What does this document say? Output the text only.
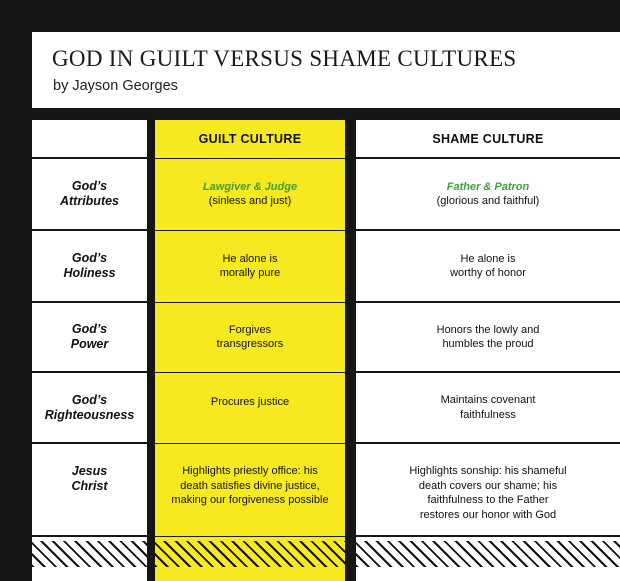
GOD IN GUILT VERSUS SHAME CULTURES
by Jayson Georges
GUILT CULTURE	SHAME CULTURE
God’s
Attributes
Lawgiver & Judge
(sinless and just)
Father & Patron
(glorious and faithful)
God’s
Holiness
He alone is
morally pure
He alone is
worthy of honor
God’s
Power
Forgives
transgressors
Honors the lowly and
humbles the proud
God’s
Righteousness
Procures justice	Maintains covenant
faithfulness
Jesus
Christ
Highlights priestly office: his
death satisfies divine justice,
making our forgiveness possible
Highlights sonship: his shameful
death covers our shame; his
faithfulness to the Father
restores our honor with God
